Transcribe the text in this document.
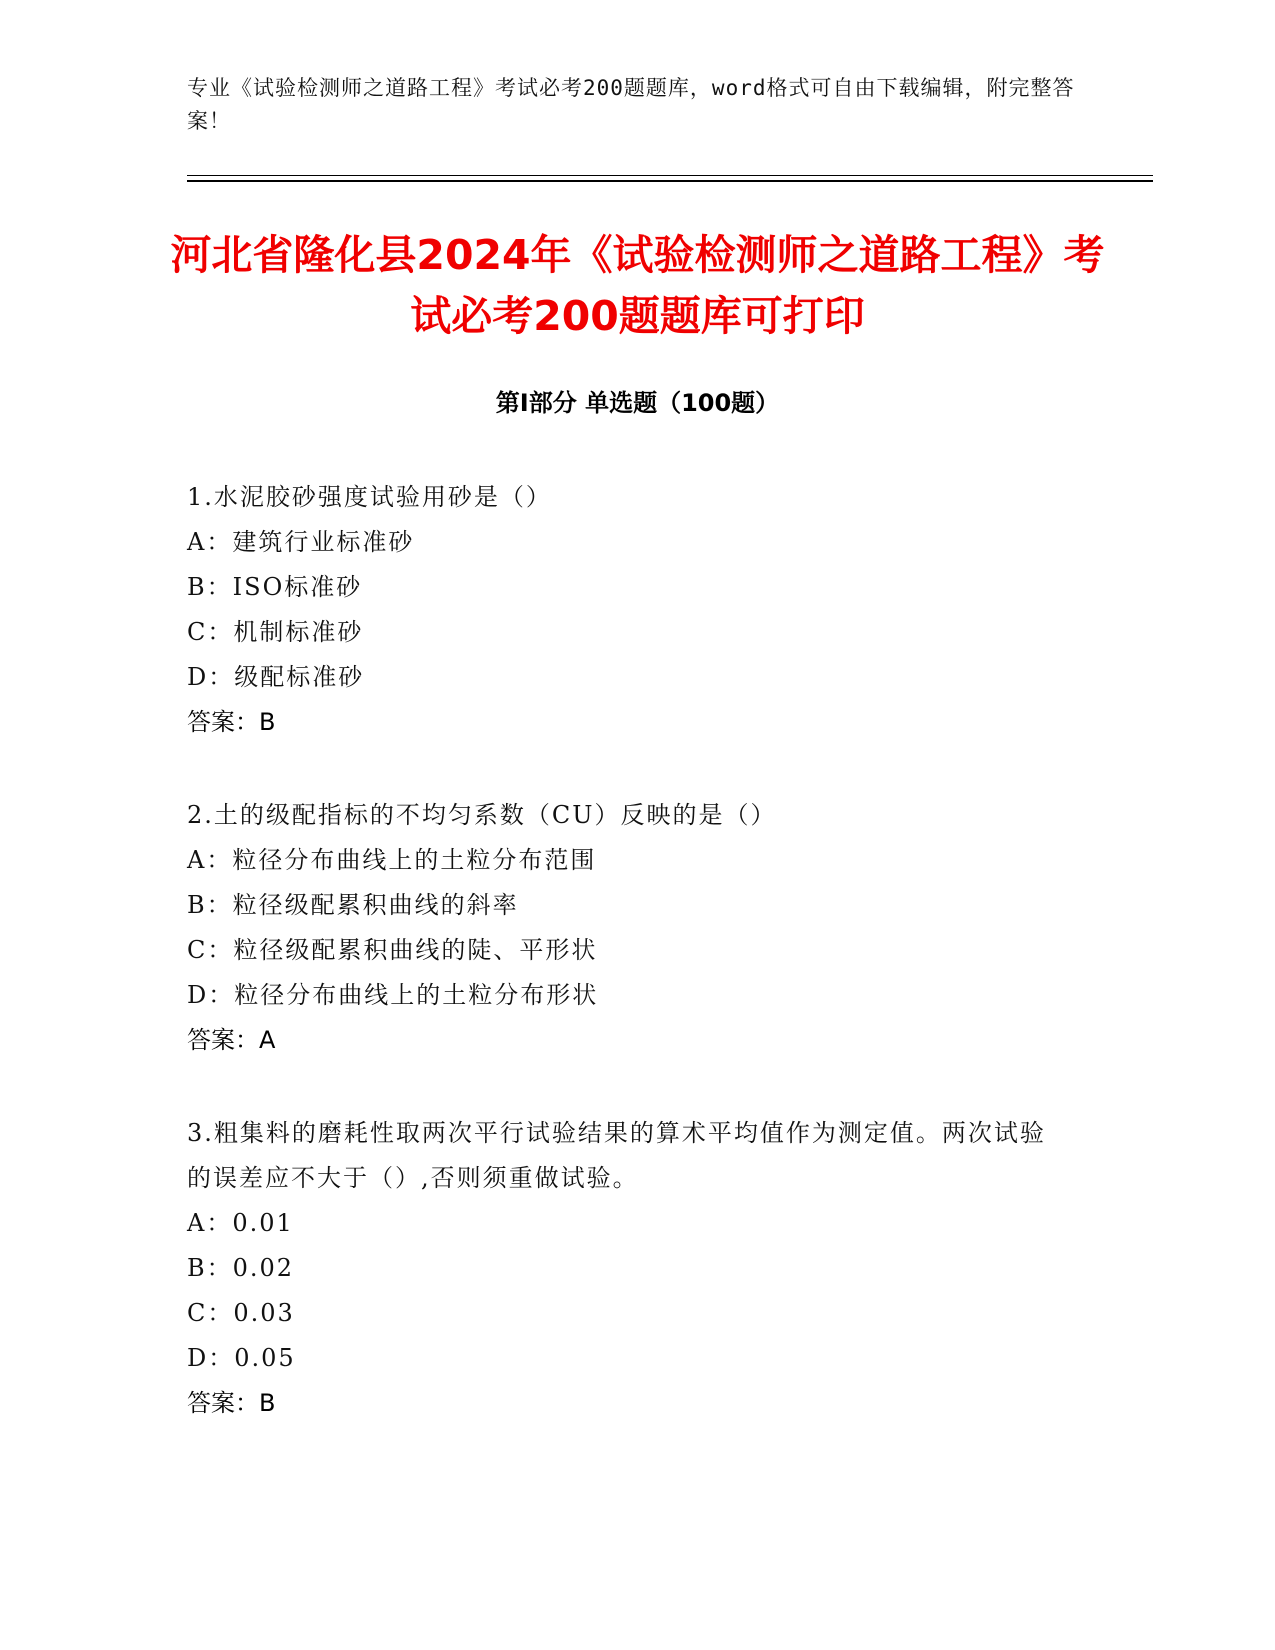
专业《试验检测师之道路工程》考试必考200题题库，word格式可自由下载编辑，附完整答案！
河北省隆化县2024年《试验检测师之道路工程》考试必考200题题库可打印
第Ⅰ部分 单选题（100题）
1.水泥胶砂强度试验用砂是（）
A：建筑行业标准砂
B：ISO标准砂
C：机制标准砂
D：级配标准砂
答案：B
2.土的级配指标的不均匀系数（CU）反映的是（）
A：粒径分布曲线上的土粒分布范围
B：粒径级配累积曲线的斜率
C：粒径级配累积曲线的陡、平形状
D：粒径分布曲线上的土粒分布形状
答案：A
3.粗集料的磨耗性取两次平行试验结果的算术平均值作为测定值。两次试验的误差应不大于（）,否则须重做试验。
A：0.01
B：0.02
C：0.03
D：0.05
答案：B
